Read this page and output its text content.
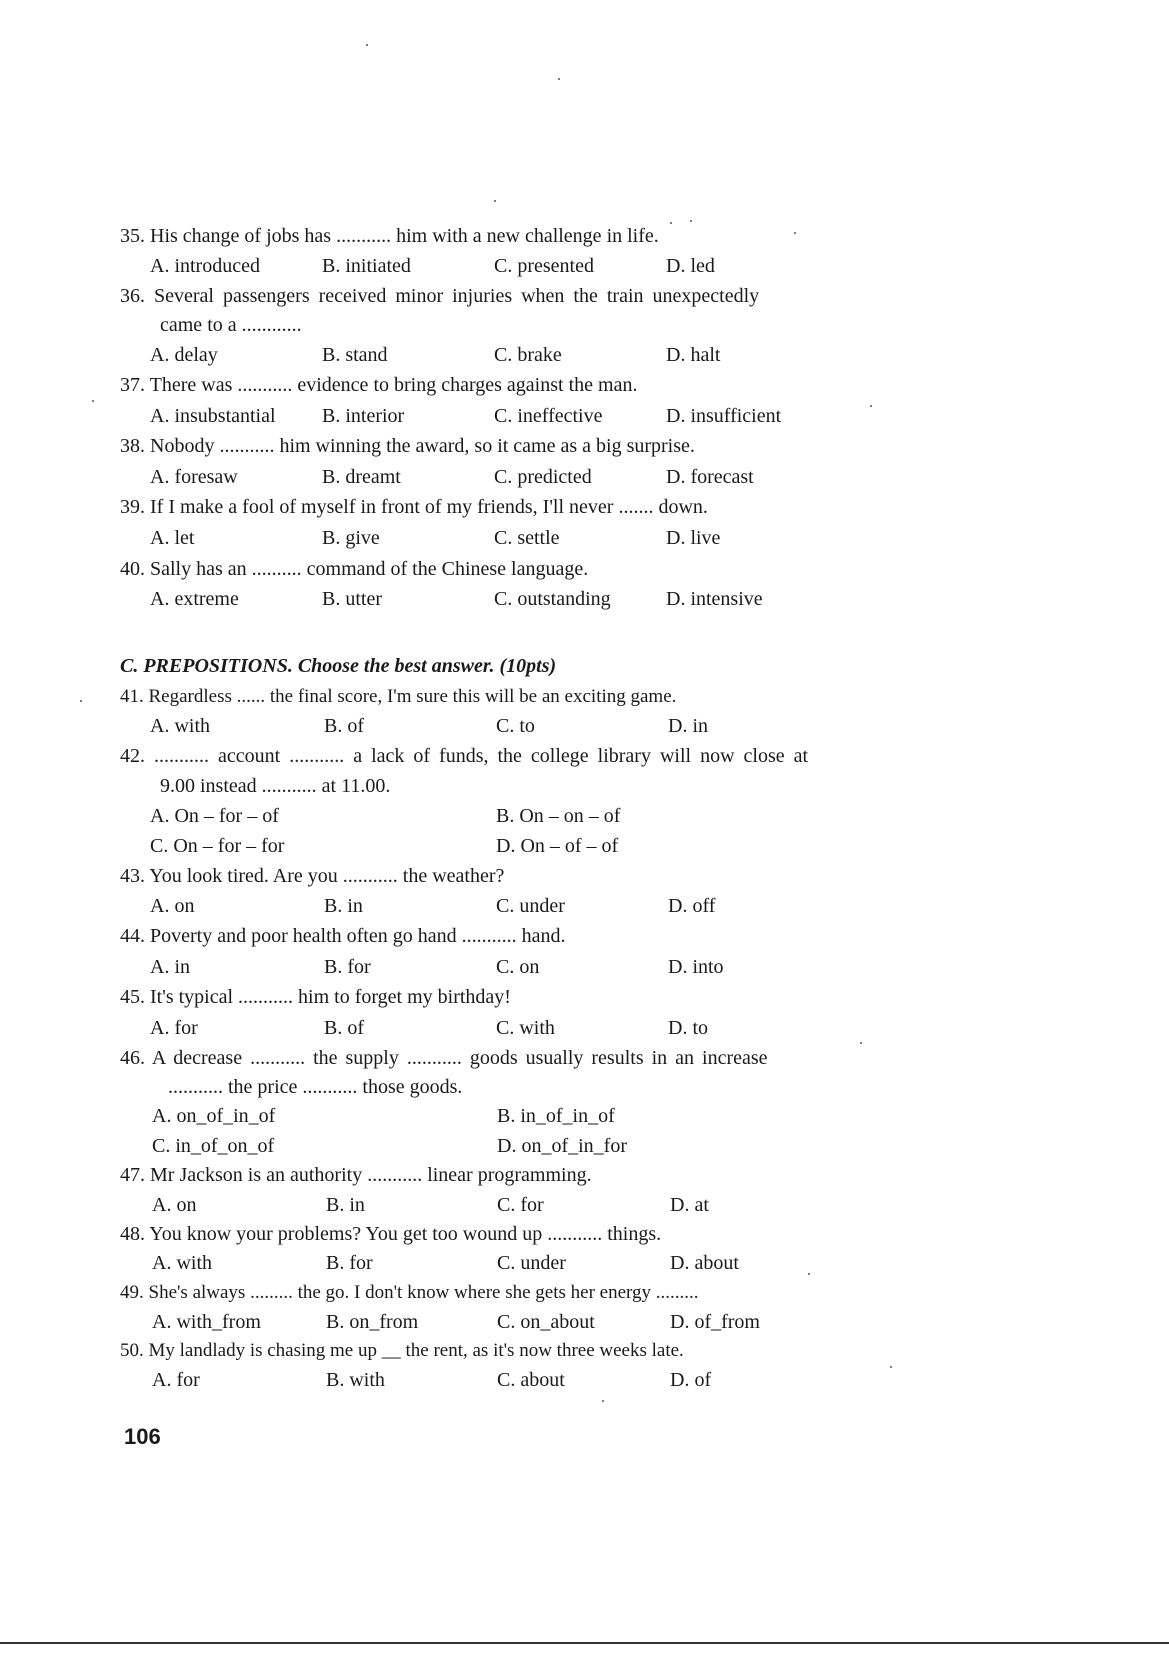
35. His change of jobs has ........... him with a new challenge in life.
A. introduced	B. initiated	C. presented	D. led
36. Several passengers received minor injuries when the train unexpectedly
came to a ............
A. delay	B. stand	C. brake	D. halt
37. There was ........... evidence to bring charges against the man.
A. insubstantial B. interior	C. ineffective	D. insufficient
38. Nobody ........... him winning the award, so it came as a big surprise.
A. foresaw	B. dreamt	C. predicted	D. forecast
39. If I make a fool of myself in front of my friends, I'll never ....... down.
A. let	B. give	C. settle	D. live
40. Sally has an .......... command of the Chinese language.
A. extreme	B. utter	C. outstanding	D. intensive
C. PREPOSITIONS. Choose the best answer. (10pts)
41. Regardless ...... the final score, I'm sure this will be an exciting game.
A. with	B. of	C. to	D. in
42. ........... account ........... a lack of funds, the college library will now close at
9.00 instead ........... at 11.00.
A. On – for – of	B. On – on – of
C. On – for – for	D. On – of – of
43. You look tired. Are you ........... the weather?
A. on	B. in	C. under	D. off
44. Poverty and poor health often go hand ........... hand.
A. in	B. for	C. on	D. into
45. It's typical ........... him to forget my birthday!
A. for	B. of	C. with	D. to
46. A decrease ........... the supply ........... goods usually results in an increase
........... the price ........... those goods.
A. on_of_in_of	B. in_of_in_of
C. in_of_on_of	D. on_of_in_for
47. Mr Jackson is an authority ........... linear programming.
A. on	B. in	C. for	D. at
48. You know your problems? You get too wound up ........... things.
A. with	B. for	C. under	D. about
49. She's always ......... the go. I don't know where she gets her energy .........
A. with_from	B. on_from	C. on_about	D. of_from
50. My landlady is chasing me up __ the rent, as it's now three weeks late.
A. for	B. with	C. about	D. of
106
